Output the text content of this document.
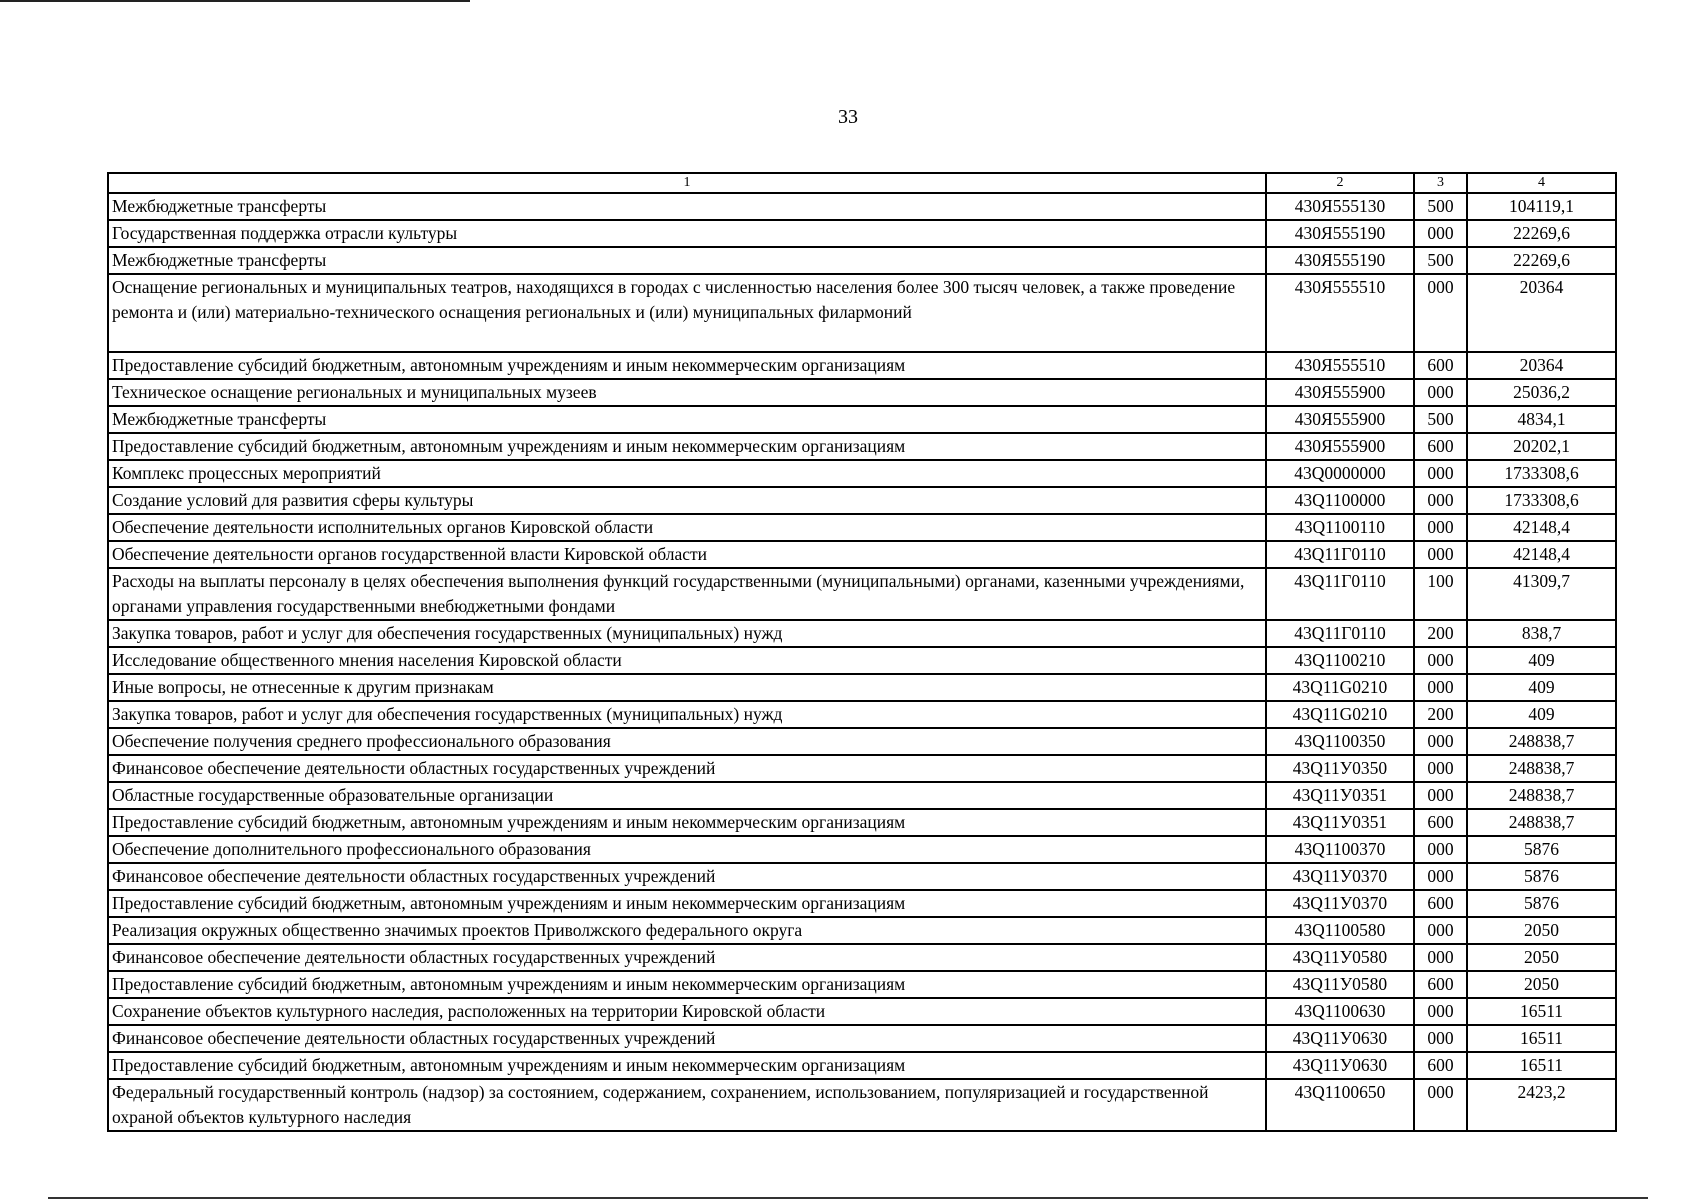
33
1	2	3	4
Межбюджетные трансферты	430Я555130	500	104119,1
Государственная поддержка отрасли культуры	430Я555190	000	22269,6
Межбюджетные трансферты	430Я555190	500	22269,6
Оснащение региональных и муниципальных театров, находящихся в городах с численностью населения более 300 тысяч человек, а также проведение ремонта и (или) материально-технического оснащения региональных и (или) муниципальных филармоний	430Я555510	000	20364
Предоставление субсидий бюджетным, автономным учреждениям и иным некоммерческим организациям	430Я555510	600	20364
Техническое оснащение региональных и муниципальных музеев	430Я555900	000	25036,2
Межбюджетные трансферты	430Я555900	500	4834,1
Предоставление субсидий бюджетным, автономным учреждениям и иным некоммерческим организациям	430Я555900	600	20202,1
Комплекс процессных мероприятий	43Q0000000	000	1733308,6
Создание условий для развития сферы культуры	43Q1100000	000	1733308,6
Обеспечение деятельности исполнительных органов Кировской области	43Q1100110	000	42148,4
Обеспечение деятельности органов государственной власти Кировской области	43Q11Г0110	000	42148,4
Расходы на выплаты персоналу в целях обеспечения выполнения функций государственными (муниципальными) органами, казенными учреждениями, органами управления государственными внебюджетными фондами	43Q11Г0110	100	41309,7
Закупка товаров, работ и услуг для обеспечения государственных (муниципальных) нужд	43Q11Г0110	200	838,7
Исследование общественного мнения населения Кировской области	43Q1100210	000	409
Иные вопросы, не отнесенные к другим признакам	43Q11G0210	000	409
Закупка товаров, работ и услуг для обеспечения государственных (муниципальных) нужд	43Q11G0210	200	409
Обеспечение получения среднего профессионального образования	43Q1100350	000	248838,7
Финансовое обеспечение деятельности областных государственных учреждений	43Q11У0350	000	248838,7
Областные государственные образовательные организации	43Q11У0351	000	248838,7
Предоставление субсидий бюджетным, автономным учреждениям и иным некоммерческим организациям	43Q11У0351	600	248838,7
Обеспечение дополнительного профессионального образования	43Q1100370	000	5876
Финансовое обеспечение деятельности областных государственных учреждений	43Q11У0370	000	5876
Предоставление субсидий бюджетным, автономным учреждениям и иным некоммерческим организациям	43Q11У0370	600	5876
Реализация окружных общественно значимых проектов Приволжского федерального округа	43Q1100580	000	2050
Финансовое обеспечение деятельности областных государственных учреждений	43Q11У0580	000	2050
Предоставление субсидий бюджетным, автономным учреждениям и иным некоммерческим организациям	43Q11У0580	600	2050
Сохранение объектов культурного наследия, расположенных на территории Кировской области	43Q1100630	000	16511
Финансовое обеспечение деятельности областных государственных учреждений	43Q11У0630	000	16511
Предоставление субсидий бюджетным, автономным учреждениям и иным некоммерческим организациям	43Q11У0630	600	16511
Федеральный государственный контроль (надзор) за состоянием, содержанием, сохранением, использованием, популяризацией и государственной охраной объектов культурного наследия	43Q1100650	000	2423,2
